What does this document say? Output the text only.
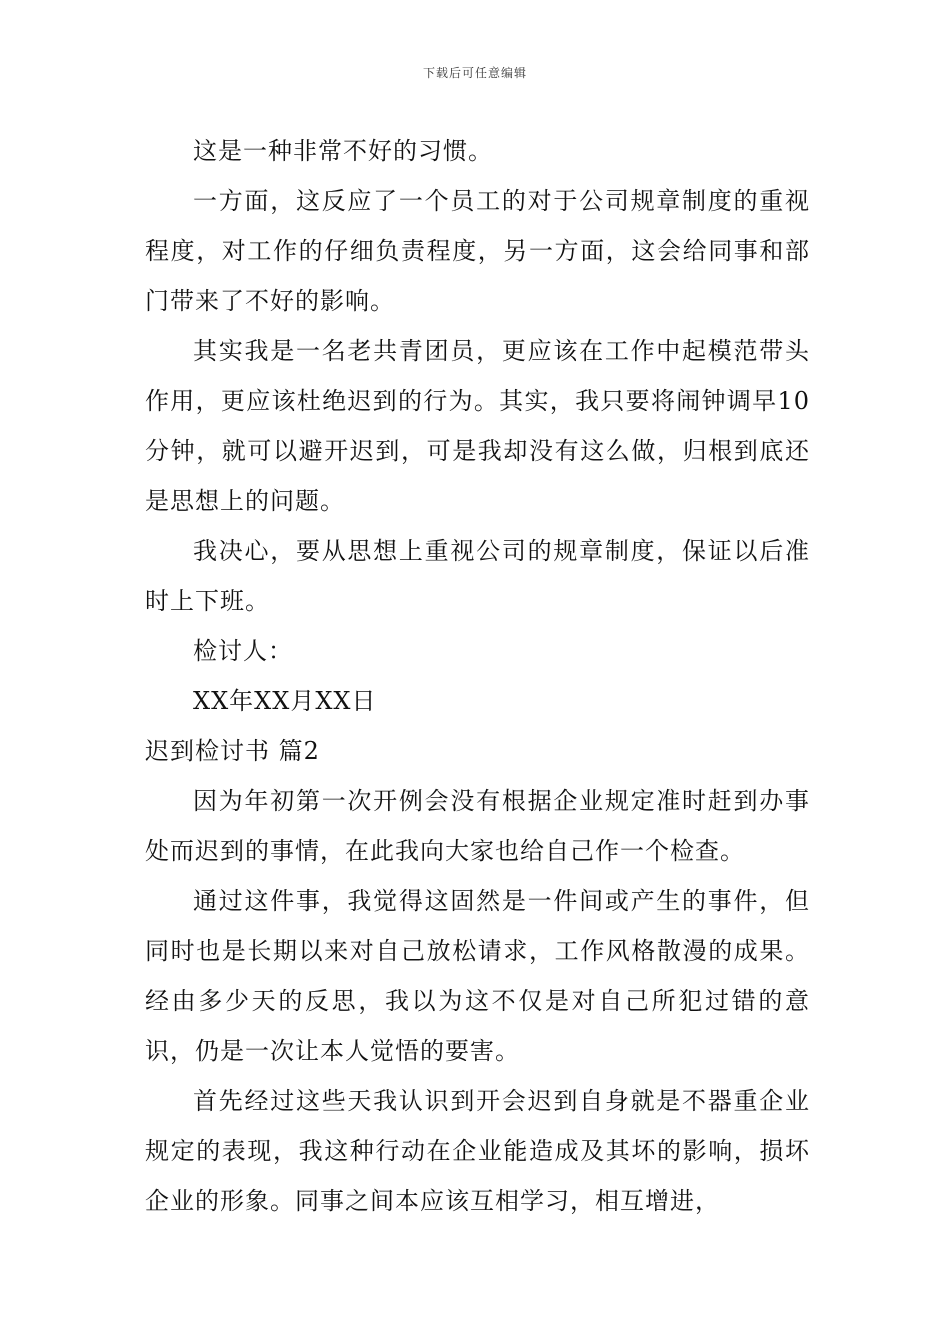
下载后可任意编辑

这是一种非常不好的习惯。

一方面，这反应了一个员工的对于公司规章制度的重视程度，对工作的仔细负责程度，另一方面，这会给同事和部门带来了不好的影响。

其实我是一名老共青团员，更应该在工作中起模范带头作用，更应该杜绝迟到的行为。其实，我只要将闹钟调早10分钟，就可以避开迟到，可是我却没有这么做，归根到底还是思想上的问题。

我决心，要从思想上重视公司的规章制度，保证以后准时上下班。

检讨人：

XX年XX月XX日

迟到检讨书 篇2

因为年初第一次开例会没有根据企业规定准时赶到办事处而迟到的事情，在此我向大家也给自己作一个检查。

通过这件事，我觉得这固然是一件间或产生的事件，但同时也是长期以来对自己放松请求，工作风格散漫的成果。经由多少天的反思，我以为这不仅是对自己所犯过错的意识，仍是一次让本人觉悟的要害。

首先经过这些天我认识到开会迟到自身就是不器重企业规定的表现，我这种行动在企业能造成及其坏的影响，损坏企业的形象。同事之间本应该互相学习，相互增进，
